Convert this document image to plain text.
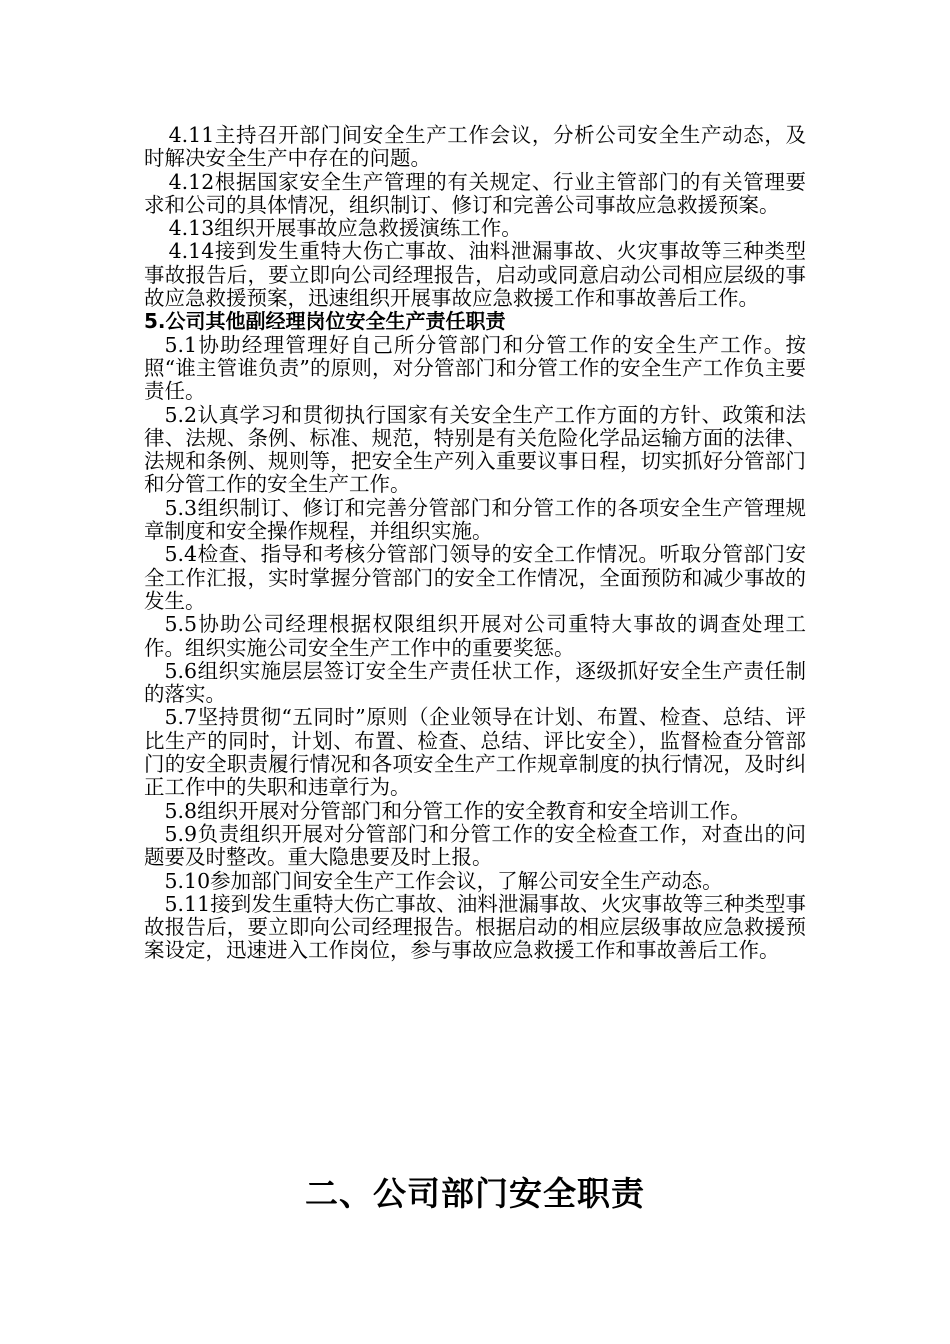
4.11主持召开部门间安全生产工作会议，分析公司安全生产动态，及时解决安全生产中存在的问题。

4.12根据国家安全生产管理的有关规定、行业主管部门的有关管理要求和公司的具体情况，组织制订、修订和完善公司事故应急救援预案。

4.13组织开展事故应急救援演练工作。

4.14接到发生重特大伤亡事故、油料泄漏事故、火灾事故等三种类型事故报告后，要立即向公司经理报告，启动或同意启动公司相应层级的事故应急救援预案，迅速组织开展事故应急救援工作和事故善后工作。

5.公司其他副经理岗位安全生产责任职责

5.1协助经理管理好自己所分管部门和分管工作的安全生产工作。按照“谁主管谁负责”的原则，对分管部门和分管工作的安全生产工作负主要责任。

5.2认真学习和贯彻执行国家有关安全生产工作方面的方针、政策和法律、法规、条例、标准、规范，特别是有关危险化学品运输方面的法律、法规和条例、规则等，把安全生产列入重要议事日程，切实抓好分管部门和分管工作的安全生产工作。

5.3组织制订、修订和完善分管部门和分管工作的各项安全生产管理规章制度和安全操作规程，并组织实施。

5.4检查、指导和考核分管部门领导的安全工作情况。听取分管部门安全工作汇报，实时掌握分管部门的安全工作情况，全面预防和减少事故的发生。

5.5协助公司经理根据权限组织开展对公司重特大事故的调查处理工作。组织实施公司安全生产工作中的重要奖惩。

5.6组织实施层层签订安全生产责任状工作，逐级抓好安全生产责任制的落实。

5.7坚持贯彻“五同时”原则（企业领导在计划、布置、检查、总结、评比生产的同时，计划、布置、检查、总结、评比安全），监督检查分管部门的安全职责履行情况和各项安全生产工作规章制度的执行情况，及时纠正工作中的失职和违章行为。

5.8组织开展对分管部门和分管工作的安全教育和安全培训工作。

5.9负责组织开展对分管部门和分管工作的安全检查工作，对查出的问题要及时整改。重大隐患要及时上报。

5.10参加部门间安全生产工作会议，了解公司安全生产动态。

5.11接到发生重特大伤亡事故、油料泄漏事故、火灾事故等三种类型事故报告后，要立即向公司经理报告。根据启动的相应层级事故应急救援预案设定，迅速进入工作岗位，参与事故应急救援工作和事故善后工作。

二、公司部门安全职责
